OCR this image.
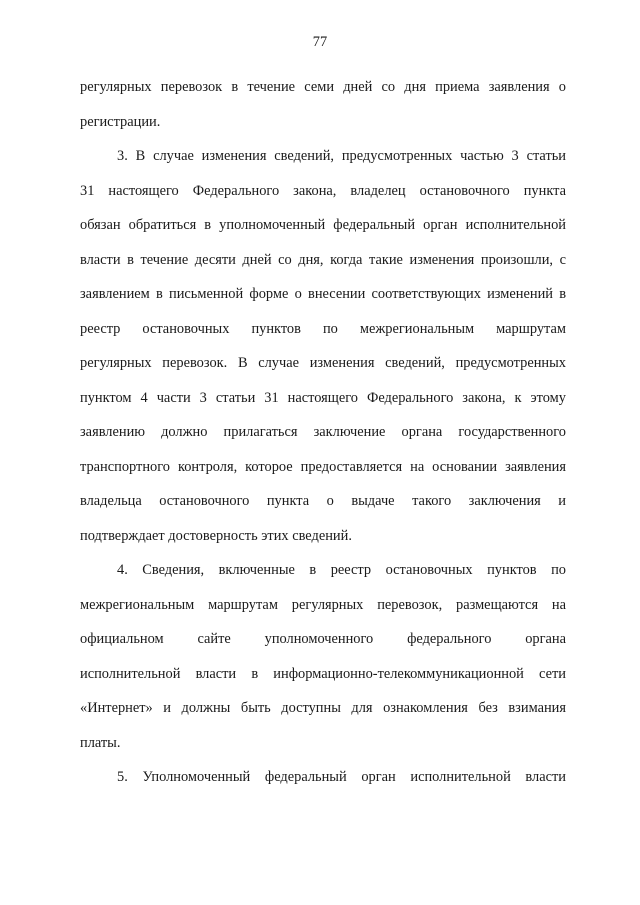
77
регулярных перевозок в течение семи дней со дня приема заявления о
регистрации.
3. В случае изменения сведений, предусмотренных частью 3 статьи
31 настоящего Федерального закона, владелец остановочного пункта
обязан обратиться в уполномоченный федеральный орган исполнительной
власти в течение десяти дней со дня, когда такие изменения произошли, с
заявлением в письменной форме о внесении соответствующих изменений в
реестр остановочных пунктов по межрегиональным маршрутам
регулярных перевозок. В случае изменения сведений, предусмотренных
пунктом 4 части 3 статьи 31 настоящего Федерального закона, к этому
заявлению должно прилагаться заключение органа государственного
транспортного контроля, которое предоставляется на основании заявления
владельца остановочного пункта о выдаче такого заключения и
подтверждает достоверность этих сведений.
4. Сведения, включенные в реестр остановочных пунктов по
межрегиональным маршрутам регулярных перевозок, размещаются на
официальном сайте уполномоченного федерального органа
исполнительной власти в информационно-телекоммуникационной сети
«Интернет» и должны быть доступны для ознакомления без взимания
платы.
5. Уполномоченный федеральный орган исполнительной власти
